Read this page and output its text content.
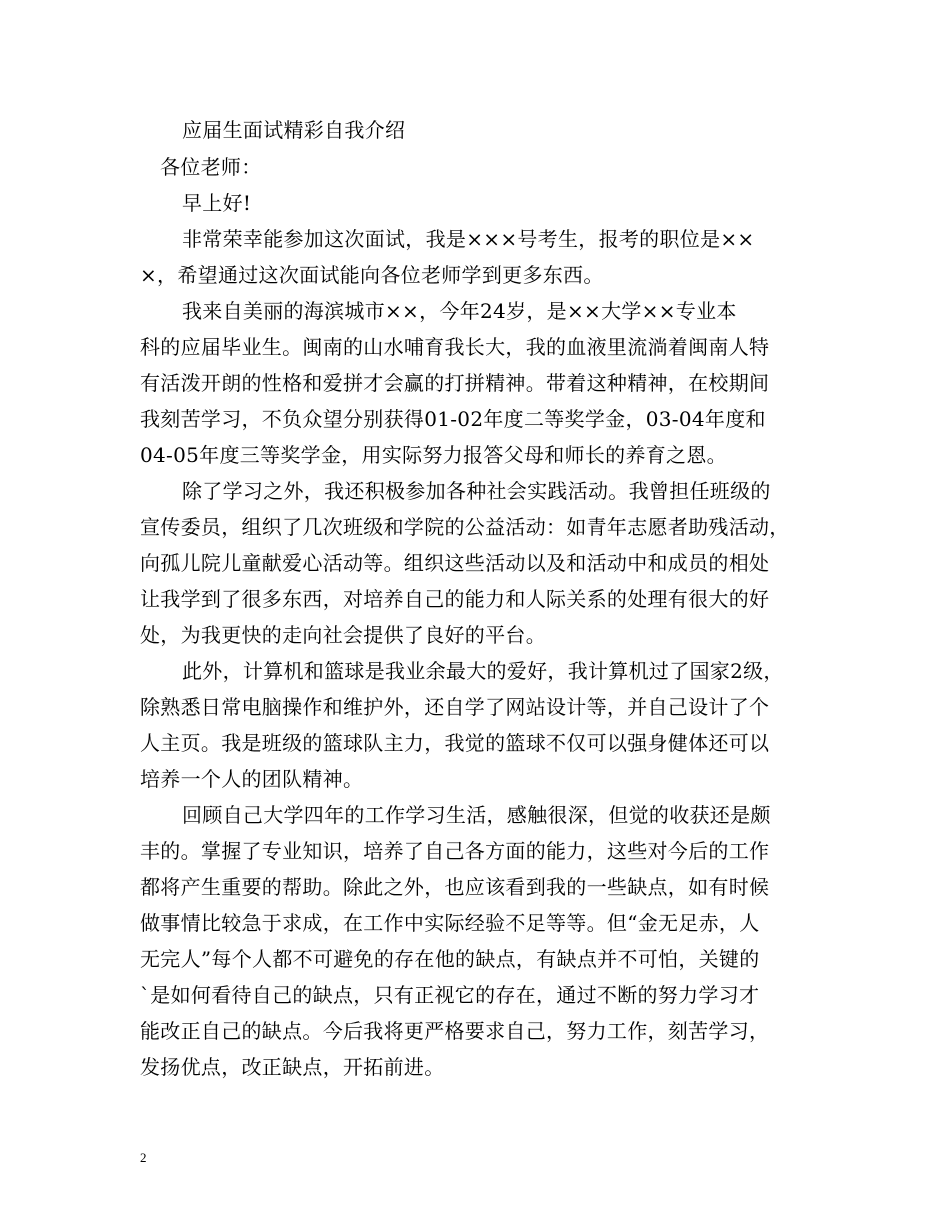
应届生面试精彩自我介绍
各位老师：
早上好!
非常荣幸能参加这次面试，我是×××号考生，报考的职位是××
×，希望通过这次面试能向各位老师学到更多东西。
我来自美丽的海滨城市××，今年24岁，是××大学××专业本
科的应届毕业生。闽南的山水哺育我长大，我的血液里流淌着闽南人特
有活泼开朗的性格和爱拼才会赢的打拼精神。带着这种精神，在校期间
我刻苦学习，不负众望分别获得01-02年度二等奖学金，03-04年度和
04-05年度三等奖学金，用实际努力报答父母和师长的养育之恩。
除了学习之外，我还积极参加各种社会实践活动。我曾担任班级的
宣传委员，组织了几次班级和学院的公益活动：如青年志愿者助残活动，
向孤儿院儿童献爱心活动等。组织这些活动以及和活动中和成员的相处
让我学到了很多东西，对培养自己的能力和人际关系的处理有很大的好
处，为我更快的走向社会提供了良好的平台。
此外，计算机和篮球是我业余最大的爱好，我计算机过了国家2级，
除熟悉日常电脑操作和维护外，还自学了网站设计等，并自己设计了个
人主页。我是班级的篮球队主力，我觉的篮球不仅可以强身健体还可以
培养一个人的团队精神。
回顾自己大学四年的工作学习生活，感触很深，但觉的收获还是颇
丰的。掌握了专业知识，培养了自己各方面的能力，这些对今后的工作
都将产生重要的帮助。除此之外，也应该看到我的一些缺点，如有时候
做事情比较急于求成，在工作中实际经验不足等等。但“金无足赤，人
无完人”每个人都不可避免的存在他的缺点，有缺点并不可怕，关键的
`是如何看待自己的缺点，只有正视它的存在，通过不断的努力学习才
能改正自己的缺点。今后我将更严格要求自己，努力工作，刻苦学习，
发扬优点，改正缺点，开拓前进。
2
